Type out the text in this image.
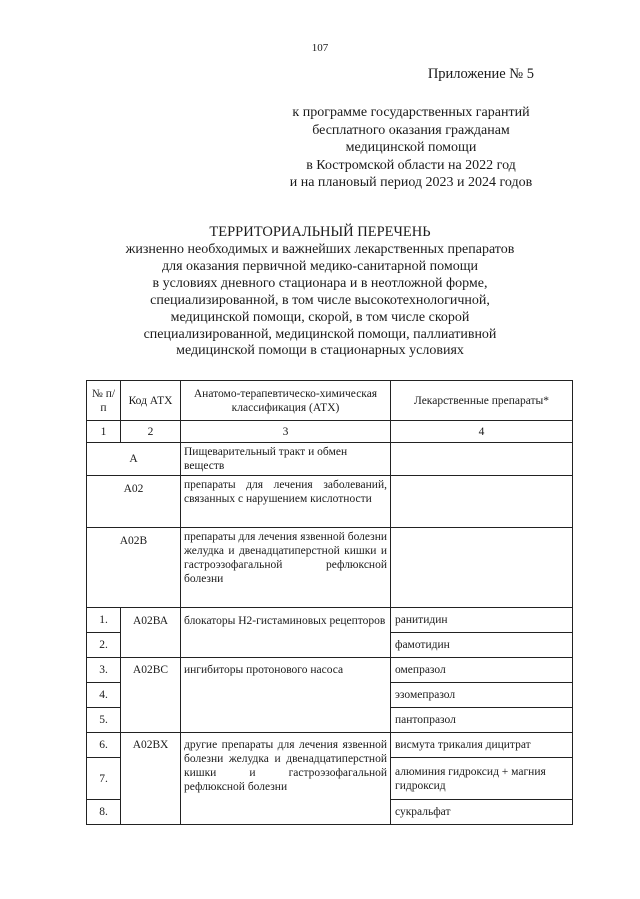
107
Приложение № 5
к программе государственных гарантий
бесплатного оказания гражданам
медицинской помощи
в Костромской области на 2022 год
и на плановый период 2023 и 2024 годов
ТЕРРИТОРИАЛЬНЫЙ ПЕРЕЧЕНЬ
жизненно необходимых и важнейших лекарственных препаратов
для оказания первичной медико-санитарной помощи
в условиях дневного стационара и в неотложной форме,
специализированной, в том числе высокотехнологичной,
медицинской помощи, скорой, в том числе скорой
специализированной, медицинской помощи, паллиативной
медицинской помощи в стационарных условиях
№ п/п	Код АТХ	Анатомо-терапевтическо-химическая классификация (АТХ)	Лекарственные препараты*
1	2	3	4
А		Пищеварительный тракт и обмен веществ	
А02		препараты для лечения заболеваний, связанных с нарушением кислотности	
А02В		препараты для лечения язвенной болезни желудка и двенадцатиперстной кишки и гастроэзофагальной рефлюксной болезни	
1.	А02ВА	блокаторы Н2-гистаминовых рецепторов	ранитидин
2.			фамотидин
3.	А02ВС	ингибиторы протонового насоса	омепразол
4.			эзомепразол
5.			пантопразол
6.	А02ВХ	другие препараты для лечения язвенной болезни желудка и двенадцатиперстной кишки и гастроэзофагальной рефлюксной болезни	висмута трикалия дицитрат
7.			алюминия гидроксид + магния гидроксид
8.			сукральфат
